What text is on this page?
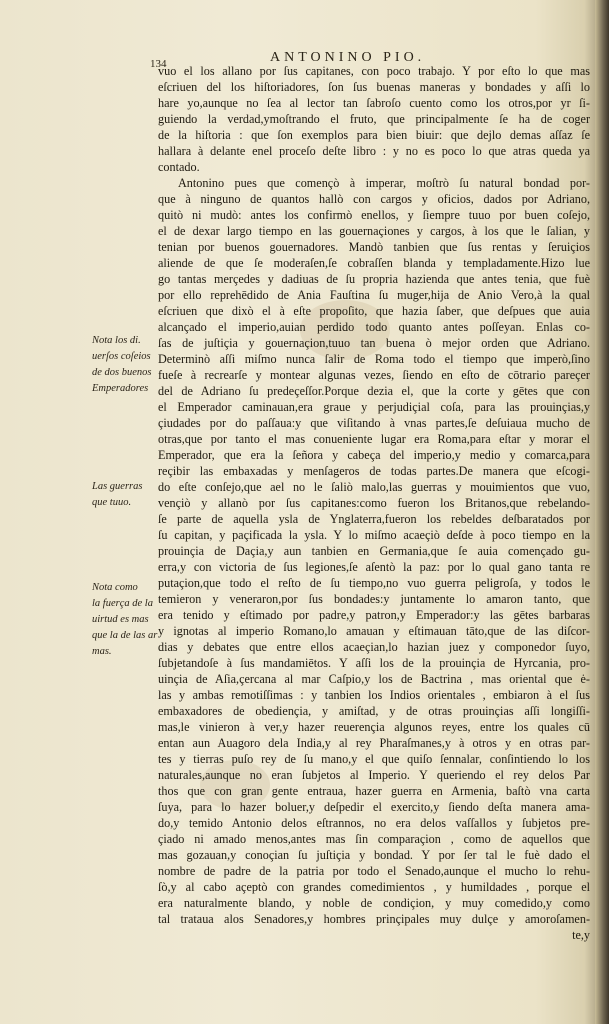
134	ANTONINO PIO.
vuo el los allano por ſus capitanes, con poco trabajo. Y por eſto lo que mas
eſcriuen del los hiſtoriadores, ſon ſus buenas maneras y bondades y aſſi lo
hare yo,aunque no ſea al lector tan ſabroſo cuento como los otros,por yr ſi-
guiendo la verdad,ymoſtrando el fruto, que principalmente ſe ha de coger
de la hiſtoria : que ſon exemplos para bien biuir: que dejlo demas aſſaz ſe
hallara à delante enel proceſo deſte libro : y no es poco lo que atras queda ya
contado.
Antonino pues que començò à imperar, moſtrò ſu natural bondad por-
que à ninguno de quantos hallò con cargos y oficios, dados por Adriano,
quitò ni mudò: antes los confirmò enellos, y ſiempre tuuo por buen coſejo,
el de dexar largo tiempo en las gouernaçiones y cargos, à los que le ſalian, y
tenian por buenos gouernadores. Mandò tanbien que ſus rentas y ſeruiçios
aliende de que ſe moderaſen,ſe cobraſſen blanda y templadamente.Hizo lue
go tantas merçedes y dadiuas de ſu propria hazienda que antes tenia, que fuè
por ello reprehēdido de Ania Fauſtina ſu muger,hija de Anio Vero,à la qual
eſcriuen que dixò el à eſte propoſito, que hazia ſaber, que deſpues que auia
alcançado el imperio,auian perdido todo quanto antes poſſeyan. Enlas co-
ſas de juſtiçia y gouernaçion,tuuo tan buena ò mejor orden que Adriano.
Determinò aſſi miſmo nunca ſalir de Roma todo el tiempo que imperò,ſino
fueſe à recrearſe y montear algunas vezes, ſiendo en eſto de cōtrario pareçer
del de Adriano ſu predeçeſſor.Porque dezia el, que la corte y gētes que con
el Emperador caminauan,era graue y perjudiçial coſa, para las prouinçias,y
çiudades por do paſſaua:y que viſitando à vnas partes,ſe deſuiaua mucho de
otras,que por tanto el mas conueniente lugar era Roma,para eſtar y morar el
Emperador, que era la ſeñora y cabeça del imperio,y medio y comarca,para
reçibir las embaxadas y menſageros de todas partes.De manera que eſcogi-
do eſte conſejo,que ael no le ſaliò malo,las guerras y mouimientos que vuo,
vençiò y allanò por ſus capitanes:como fueron los Britanos,que rebelando-
ſe parte de aquella ysla de Ynglaterra,fueron los rebeldes deſbaratados por
ſu capitan, y paçificada la ysla. Y lo miſmo acaeçiò deſde à poco tiempo en la
prouinçia de Daçia,y aun tanbien en Germania,que ſe auia començado gu-
erra,y con victoria de ſus legiones,ſe aſentò la paz: por lo qual gano tanta re
putaçion,que todo el reſto de ſu tiempo,no vuo guerra peligroſa, y todos le
temieron y veneraron,por ſus bondades:y juntamente lo amaron tanto, que
era tenido y eſtimado por padre,y patron,y Emperador:y las gētes barbaras
y ignotas al imperio Romano,lo amauan y eſtimauan tāto,que de las diſcor-
dias y debates que entre ellos acaeçian,lo hazian juez y componedor ſuyo,
ſubjetandoſe à ſus mandamiētos. Y aſſi los de la prouinçia de Hyrcania, pro-
uinçia de Aſia,çercana al mar Caſpio,y los de Bactrina , mas oriental que ė-
las y ambas remotiſſimas : y tanbien los Indios orientales , embiaron à el ſus
embaxadores de obediençia, y amiſtad, y de otras prouinçias aſſi longiſſi-
mas,le vinieron à ver,y hazer reuerençia algunos reyes, entre los quales cū
entan aun Auagoro dela India,y al rey Pharaſmanes,y à otros y en otras par-
tes y tierras puſo rey de ſu mano,y el que quiſo ſennalar, conſintiendo lo los
naturales,aunque no eran ſubjetos al Imperio. Y queriendo el rey delos Par
thos que con gran gente entraua, hazer guerra en Armenia, baſtò vna carta
ſuya, para lo hazer boluer,y deſpedir el exercito,y ſiendo deſta manera ama-
do,y temido Antonio delos eſtrannos, no era delos vaſſallos y ſubjetos pre-
çiado ni amado menos,antes mas ſin comparaçion , como de aquellos que
mas gozauan,y conoçian ſu juſtiçia y bondad. Y por ſer tal le fuè dado el
nombre de padre de la patria por todo el Senado,aunque el mucho lo rehu-
ſò,y al cabo açeptò con grandes comedimientos , y humildades , porque el
era naturalmente blando, y noble de condiçion, y muy comedido,y como
tal trataua alos Senadores,y hombres prinçipales muy dulçe y amoroſamen-
te,y
Nota los di.
uerſos coſeios
de dos buenos
Emperadores
Las guerras
que tuuo.
Nota como
la fuerça de la
uirtud es mas
que la de las ar
mas.
